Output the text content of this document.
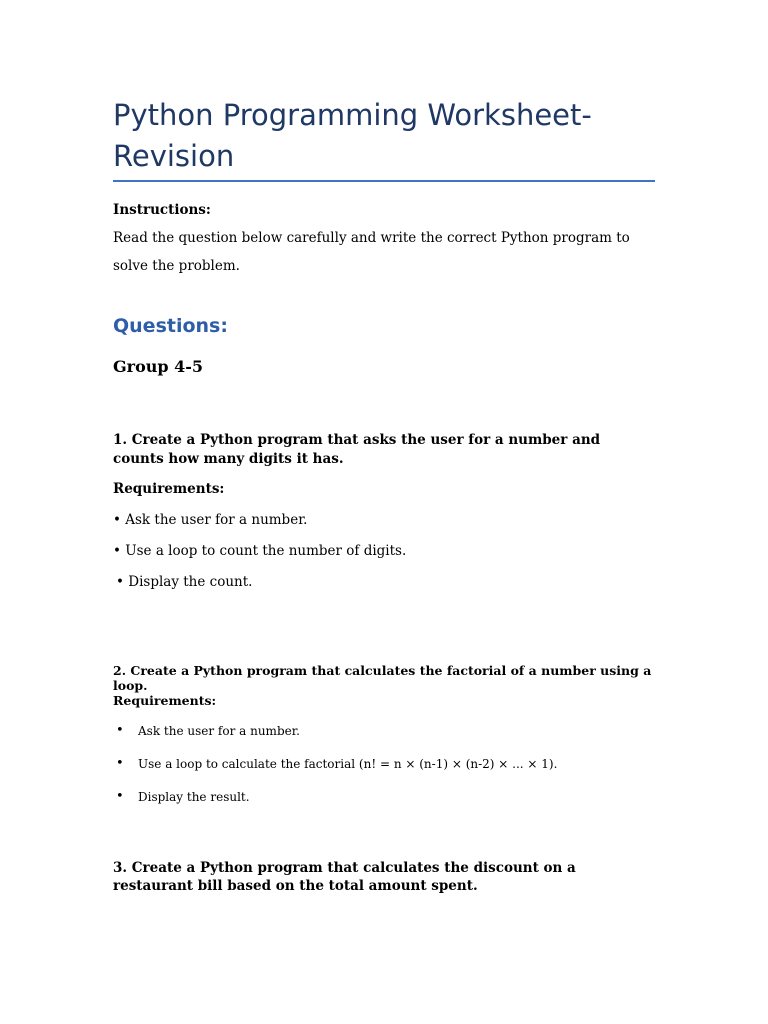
Python Programming Worksheet-Revision
Instructions:
Read the question below carefully and write the correct Python program to solve the problem.
Questions:
Group 4-5
1. Create a Python program that asks the user for a number and counts how many digits it has.
Requirements:
• Ask the user for a number.
• Use a loop to count the number of digits.
• Display the count.
2. Create a Python program that calculates the factorial of a number using a loop.
Requirements:
• Ask the user for a number.
• Use a loop to calculate the factorial (n! = n × (n-1) × (n-2) × ... × 1).
• Display the result.
3. Create a Python program that calculates the discount on a restaurant bill based on the total amount spent.
